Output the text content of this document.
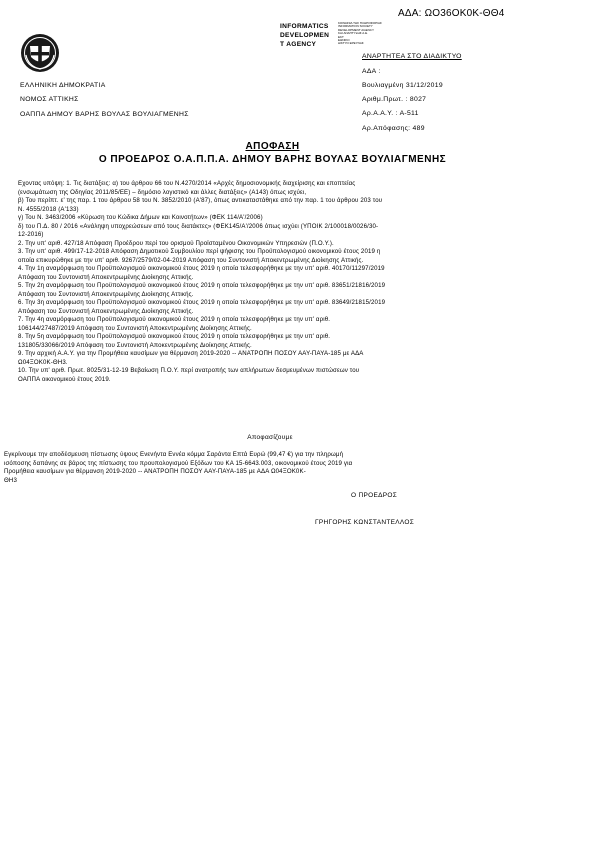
ΑΔΑ: ΩΟ36ΟΚ0Κ-ΘΘ4
INFORMATICS
DEVELOPMEN
T AGENCY
ΚΟΙΝΩΝΙΑ ΤΗΣ ΠΛΗΡΟΦΟΡΙΑΣ
INFORMATION SOCIETY
DEVELOPMENT AGENCY
ΚΑΙ ΑΝΑΠΤΥΞΗΣ Α.Ε.
ΕΚΤ
ΕΘΝΙΚΟ
ΔΙΚΤΥΟ ΕΡΕΥΝΑΣ
ΕΛΛΗΝΙΚΗ ΔΗΜΟΚΡΑΤΙΑ
ΝΟΜΟΣ ΑΤΤΙΚΗΣ
ΟΑΠΠΑ ΔΗΜΟΥ ΒΑΡΗΣ ΒΟΥΛΑΣ ΒΟΥΛΙΑΓΜΕΝΗΣ
ΑΝΑΡΤΗΤΕΑ ΣΤΟ ΔΙΑΔΙΚΤΥΟ
ΑΔΑ :
Βουλιαγμένη 31/12/2019
Αριθμ.Πρωτ. : 8027
Αρ.Α.Α.Υ. : Α-511
Αρ.Απόφασης: 489
ΑΠΟΦΑΣΗ
Ο ΠΡΟΕΔΡΟΣ Ο.Α.Π.Π.Α. ΔΗΜΟΥ ΒΑΡΗΣ ΒΟΥΛΑΣ ΒΟΥΛΙΑΓΜΕΝΗΣ

Εχοντας υπόψη: 1. Τις διατάξεις: α) του άρθρου 66 του Ν.4270/2014 «Αρχές δημοσιονομικής διαχείρισης και εποπτείας

(ενσωμάτωση της Οδηγίας 2011/85/ΕΕ) – δημόσιο λογιστικό και άλλες διατάξεις» (Α143) όπως ισχύει,

β) Του περίπτ. ε' της παρ. 1 του άρθρου 58 του Ν. 3852/2010 (Α'87), όπως αντικαταστάθηκε από την παρ. 1 του άρθρου 203 του

Ν. 4555/2018 (Α'133)

γ) Του Ν. 3463/2006 «Κύρωση του Κώδικα Δήμων και Κοινοτήτων» (ΦΕΚ 114/Α'/2006)

δ) του Π.Δ. 80 / 2016 «Ανάληψη υποχρεώσεων από τους διατάκτες» (ΦΕΚ145/Α'/2006 όπως ισχύει (ΥΠΟΙΚ 2/100018/0026/30-

12-2016)

2. Την υπ' αριθ. 427/18 Απόφαση Προέδρου περί του ορισμού Προϊσταμένου Οικονομικών Υπηρεσιών (Π.Ο.Υ.).

3. Την υπ' αριθ. 499/17-12-2018 Απόφαση Δημοτικού Συμβουλίου περί ψήφισης του Προϋπολογισμού οικονομικού έτους 2019 η

οποία επικυρώθηκε με την υπ' αριθ. 9267/2579/02-04-2019 Απόφαση του Συντονιστή Αποκεντρωμένης Διοίκησης Αττικής.

4. Την 1η αναμόρφωση του Προϋπολογισμού οικονομικού έτους 2019 η οποία τελεσφορήθηκε με την υπ' αριθ. 40170/11297/2019

Απόφαση του Συντονιστή Αποκεντρωμένης Διοίκησης Αττικής.

5. Την 2η αναμόρφωση του Προϋπολογισμού οικονομικού έτους 2019 η οποία τελεσφορήθηκε με την υπ' αριθ. 83651/21816/2019

Απόφαση του Συντονιστή Αποκεντρωμένης Διοίκησης Αττικής.

6. Την 3η αναμόρφωση του Προϋπολογισμού οικονομικού έτους 2019 η οποία τελεσφορήθηκε με την υπ' αριθ. 83649/21815/2019

Απόφαση του Συντονιστή Αποκεντρωμένης Διοίκησης Αττικής.

7. Την 4η αναμόρφωση του Προϋπολογισμού οικονομικού έτους 2019 η οποία τελεσφορήθηκε με την υπ' αριθ.

106144/27487/2019 Απόφαση του Συντονιστή Αποκεντρωμένης Διοίκησης Αττικής.

8. Την 5η αναμόρφωση του Προϋπολογισμού οικονομικού έτους 2019 η οποία τελεσφορήθηκε με την υπ' αριθ.

131805/33066/2019 Απόφαση του Συντονιστή Αποκεντρωμένης Διοίκησης Αττικής.

9. Την αρχική Α.Α.Υ. για την Προμήθεια καυσίμων για θέρμανση 2019-2020 -- ΑΝΑΤΡΟΠΗ ΠΟΣΟΥ ΑΑΥ-ΠΑΥΑ-185 με ΑΔΑ

Ω04ΞΟΚ0Κ-ΘΗ3.

10. Την υπ' αριθ. Πρωτ. 8025/31-12-19 Βεβαίωση Π.Ο.Υ. περί ανατροπής των απλήρωτων δεσμευμένων πιστώσεων του

ΟΑΠΠΑ οικονομικού έτους 2019.

Αποφασίζουμε
Εγκρίνουμε την αποδέσμευση πίστωσης ύψους Ενενήντα Εννέα κόμμα Σαράντα Επτά Ευρώ (99,47 €) για την πληρωμή
ισόποσης δαπάνης σε βάρος της πίστωσης του προυπολογισμού Εξόδων του ΚΑ 15-6643.003, οικονομικού έτους 2019 για
Προμήθεια καυσίμων για θέρμανση 2019-2020 -- ΑΝΑΤΡΟΠΗ ΠΟΣΟΥ ΑΑΥ-ΠΑΥΑ-185 με ΑΔΑ Ω04ΞΟΚ0Κ-
ΘΗ3
Ο ΠΡΟΕΔΡΟΣ
ΓΡΗΓΟΡΗΣ ΚΩΝΣΤΑΝΤΕΛΛΟΣ
